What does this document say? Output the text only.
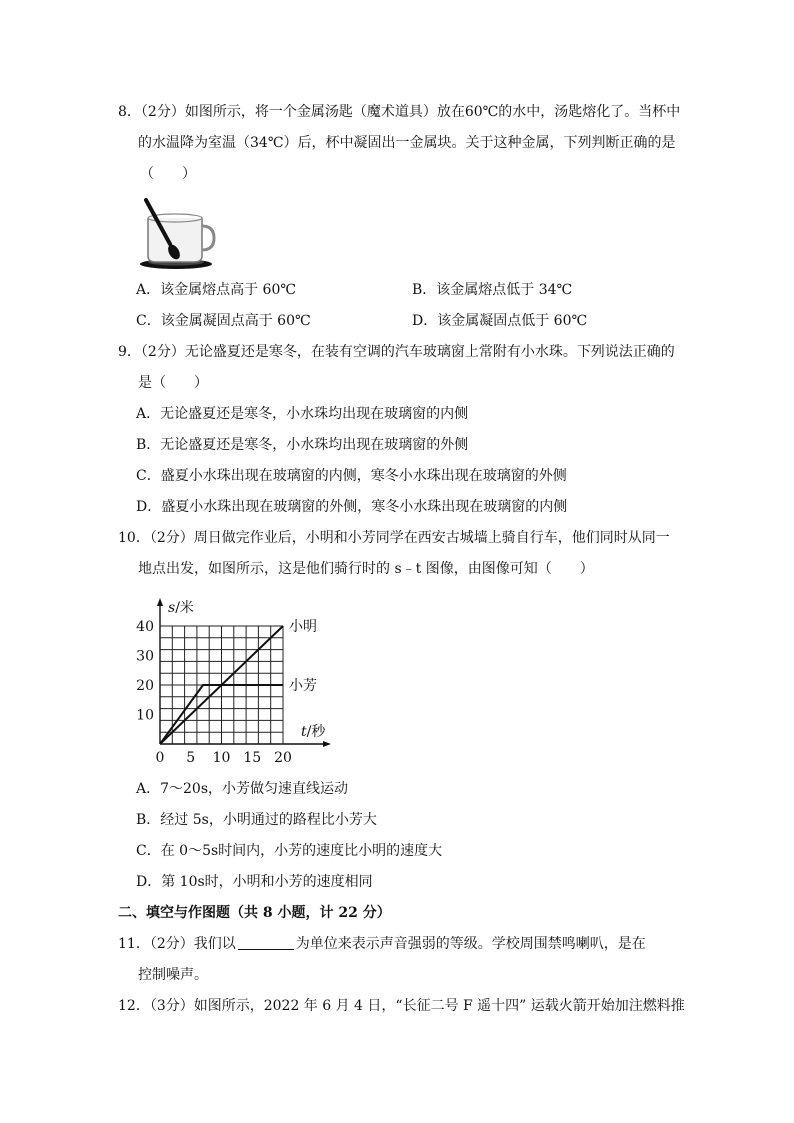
8．（2分）如图所示，将一个金属汤匙（魔术道具）放在60℃的水中，汤匙熔化了。当杯中
的水温降为室温（34℃）后，杯中凝固出一金属块。关于这种金属，下列判断正确的是
（　　）
A．该金属熔点高于 60℃	B．该金属熔点低于 34℃
C．该金属凝固点高于 60℃	D．该金属凝固点低于 60℃
9．（2分）无论盛夏还是寒冬，在装有空调的汽车玻璃窗上常附有小水珠。下列说法正确的
是（　　）
A．无论盛夏还是寒冬，小水珠均出现在玻璃窗的内侧
B．无论盛夏还是寒冬，小水珠均出现在玻璃窗的外侧
C．盛夏小水珠出现在玻璃窗的内侧，寒冬小水珠出现在玻璃窗的外侧
D．盛夏小水珠出现在玻璃窗的外侧，寒冬小水珠出现在玻璃窗的内侧
10．（2分）周日做完作业后，小明和小芳同学在西安古城墙上骑自行车，他们同时从同一
地点出发，如图所示，这是他们骑行时的 s﹣t 图像，由图像可知（　　）
0 5 10 15 20
10
20
30
40	小明
小芳
s/米
t/秒
A．7～20s，小芳做匀速直线运动
B．经过 5s，小明通过的路程比小芳大
C．在 0～5s时间内，小芳的速度比小明的速度大
D．第 10s时，小明和小芳的速度相同
二、填空与作图题（共 8 小题，计 22 分）
11．（2分）我们以	为单位来表示声音强弱的等级。学校周围禁鸣喇叭，是在
控制噪声。
12．（3分）如图所示，2022 年 6 月 4 日，“长征二号 F 遥十四” 运载火箭开始加注燃料推
